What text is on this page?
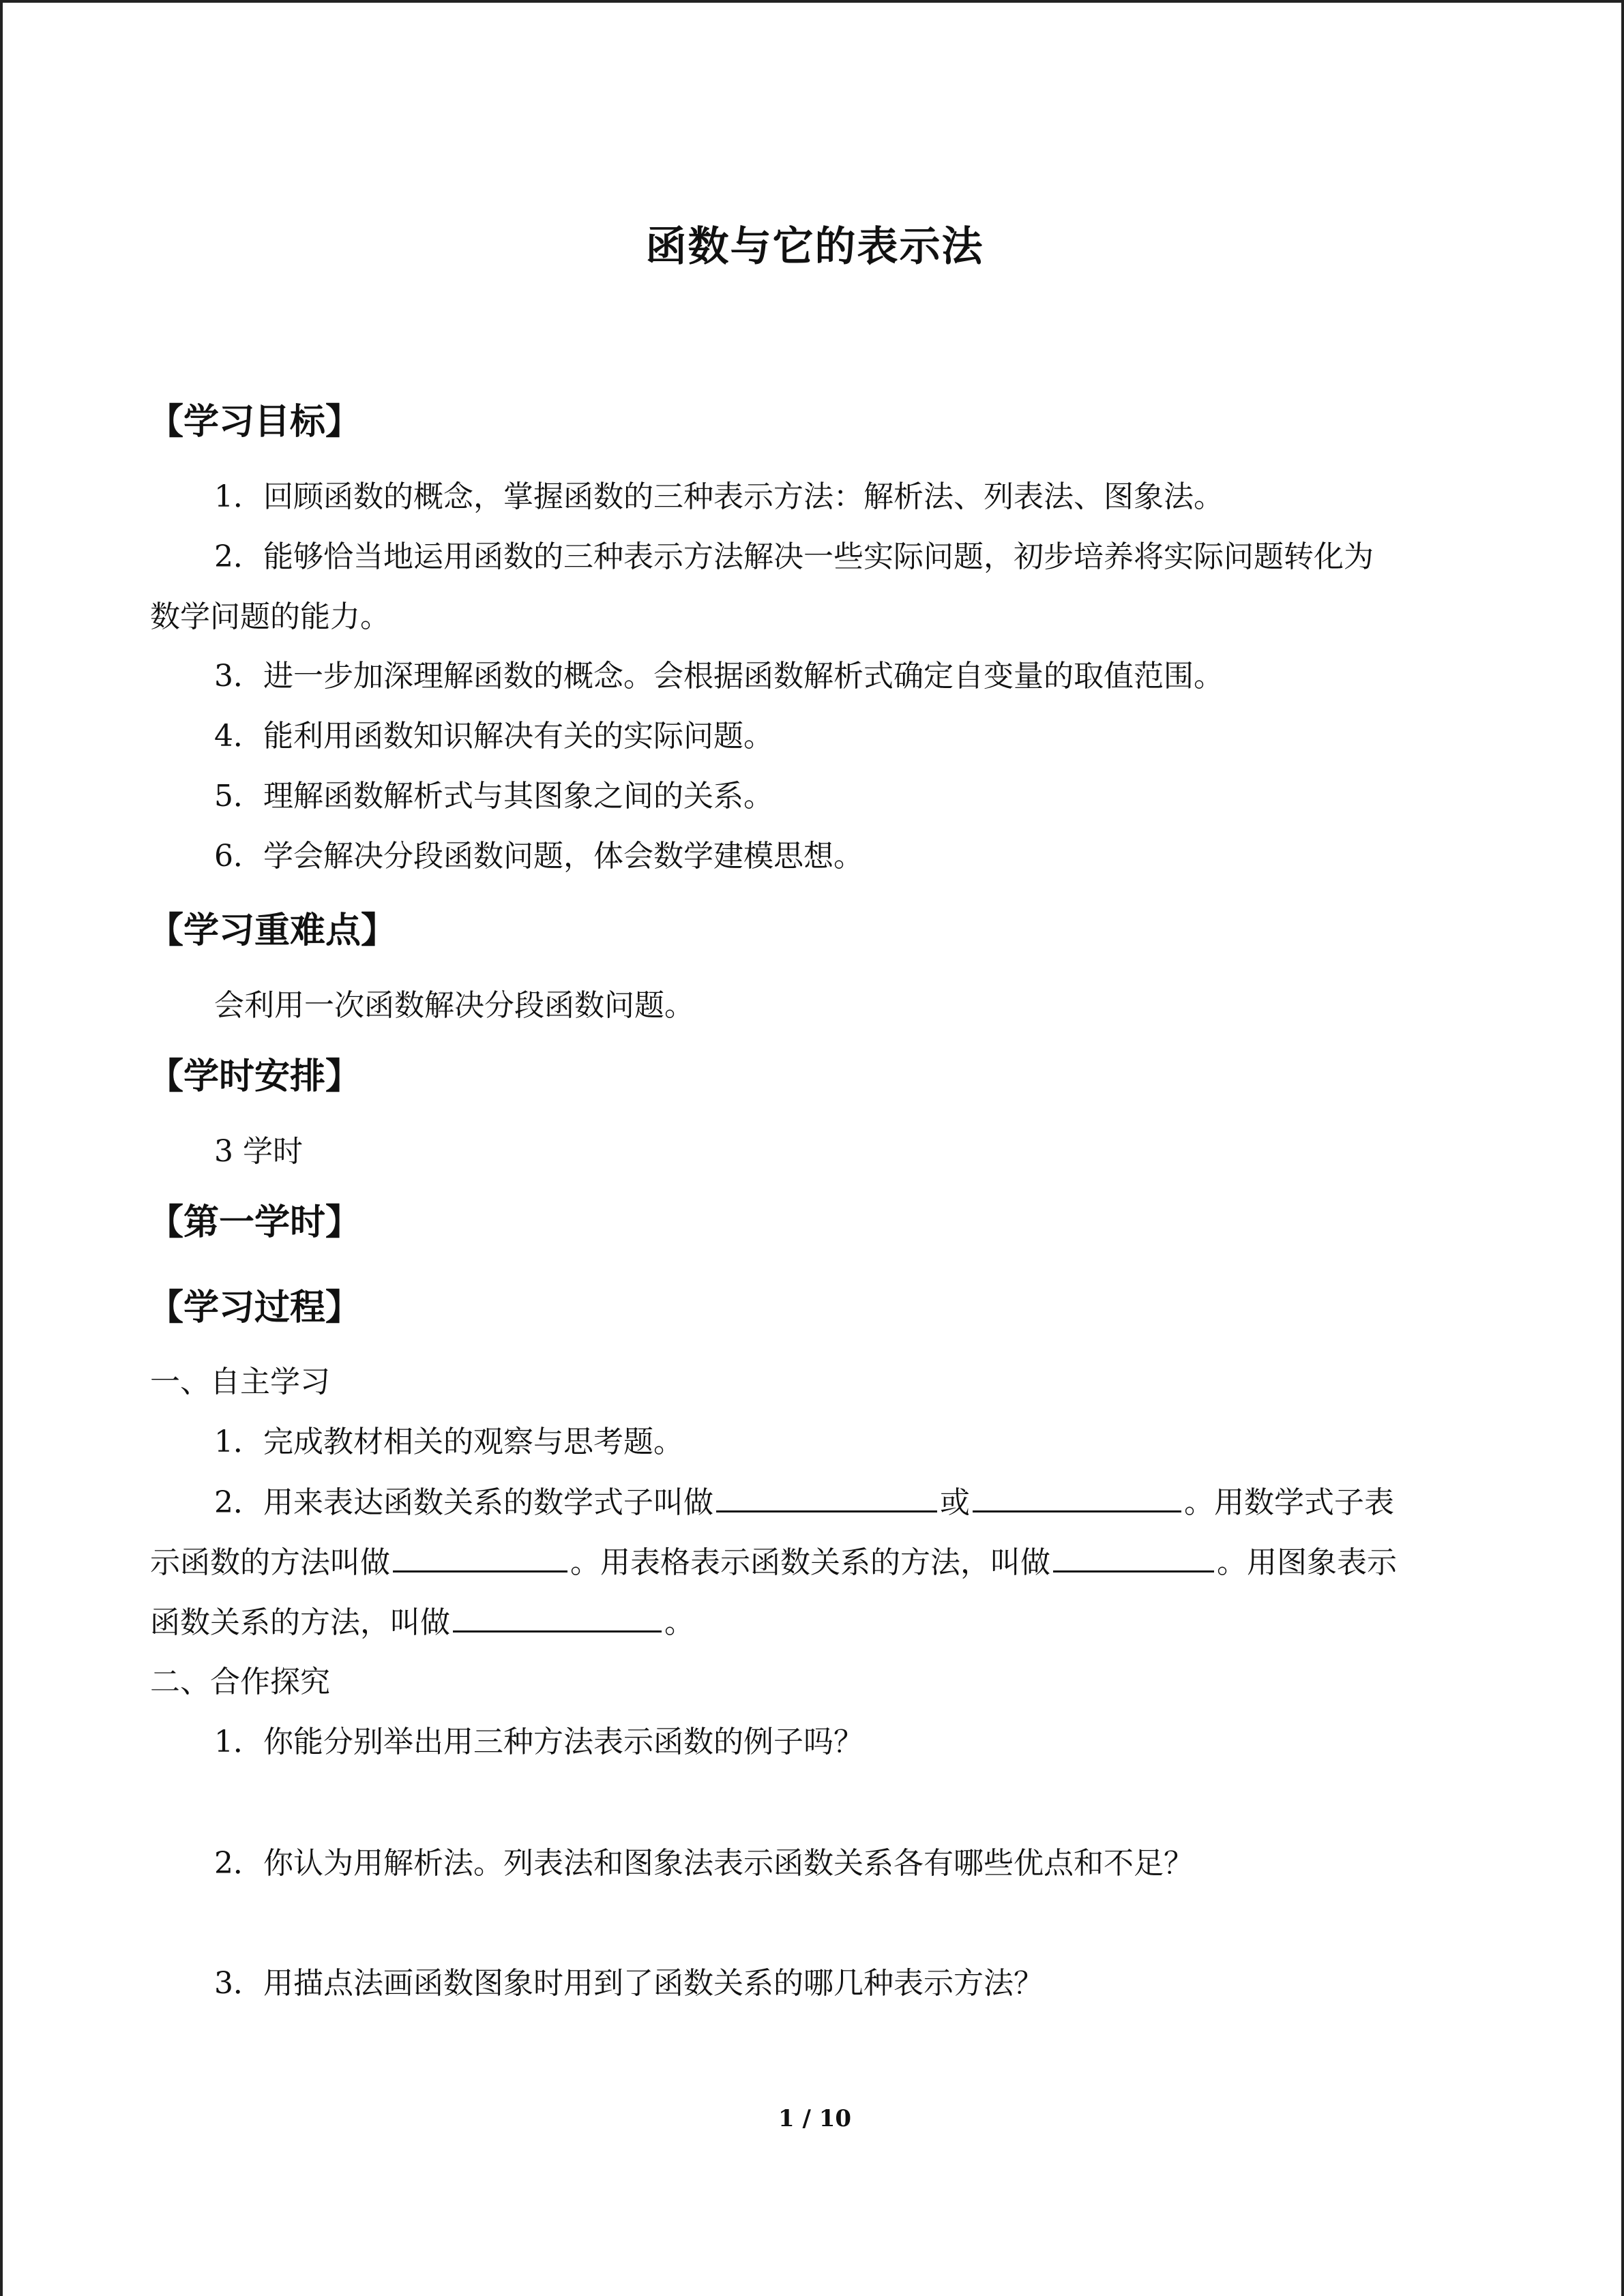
函数与它的表示法
【学习目标】
1．回顾函数的概念，掌握函数的三种表示方法：解析法、列表法、图象法。
2．能够恰当地运用函数的三种表示方法解决一些实际问题，初步培养将实际问题转化为
数学问题的能力。
3．进一步加深理解函数的概念。会根据函数解析式确定自变量的取值范围。
4．能利用函数知识解决有关的实际问题。
5．理解函数解析式与其图象之间的关系。
6．学会解决分段函数问题，体会数学建模思想。
【学习重难点】
会利用一次函数解决分段函数问题。
【学时安排】
3 学时
【第一学时】
【学习过程】
一、自主学习
1．完成教材相关的观察与思考题。
2．用来表达函数关系的数学式子叫做	或	。用数学式子表
示函数的方法叫做	。用表格表示函数关系的方法，叫做	。用图象表示
函数关系的方法，叫做	。
二、合作探究
1．你能分别举出用三种方法表示函数的例子吗？
2．你认为用解析法。列表法和图象法表示函数关系各有哪些优点和不足？
3．用描点法画函数图象时用到了函数关系的哪几种表示方法？
1 / 10
